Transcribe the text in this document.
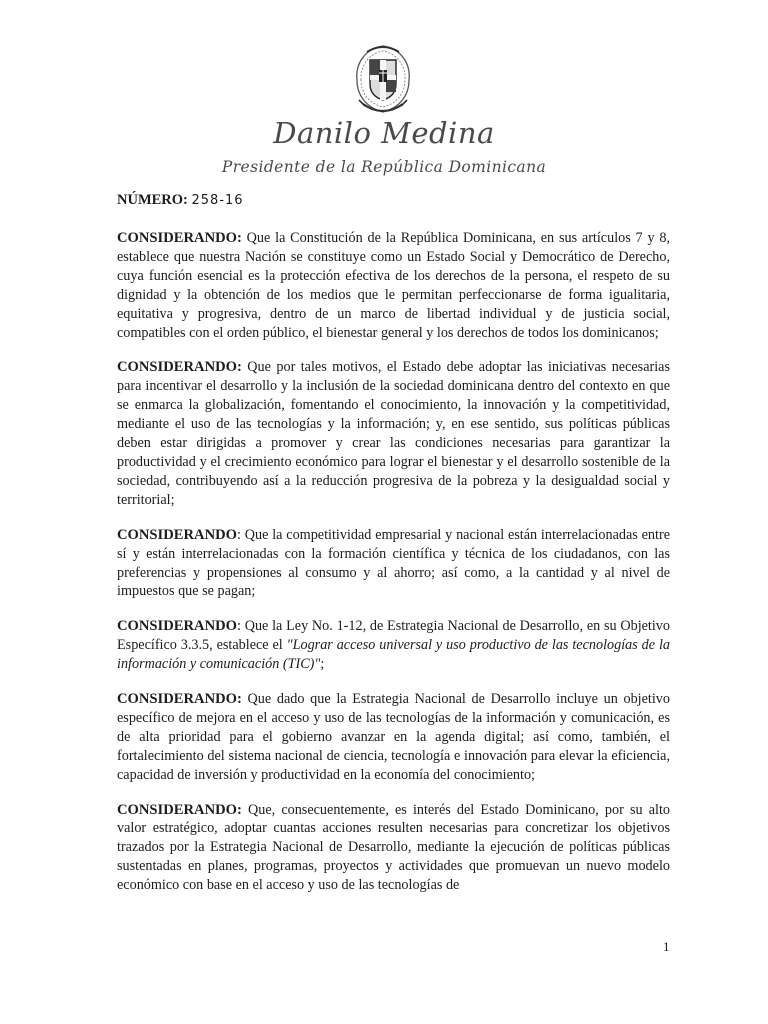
Danilo Medina
Presidente de la República Dominicana
NÚMERO: 258-16

CONSIDERANDO: Que la Constitución de la República Dominicana, en sus artículos 7 y 8, establece que nuestra Nación se constituye como un Estado Social y Democrático de Derecho, cuya función esencial es la protección efectiva de los derechos de la persona, el respeto de su dignidad y la obtención de los medios que le permitan perfeccionarse de forma igualitaria, equitativa y progresiva, dentro de un marco de libertad individual y de justicia social, compatibles con el orden público, el bienestar general y los derechos de todos los dominicanos;

CONSIDERANDO: Que por tales motivos, el Estado debe adoptar las iniciativas necesarias para incentivar el desarrollo y la inclusión de la sociedad dominicana dentro del contexto en que se enmarca la globalización, fomentando el conocimiento, la innovación y la competitividad, mediante el uso de las tecnologías y la información; y, en ese sentido, sus políticas públicas deben estar dirigidas a promover y crear las condiciones necesarias para garantizar la productividad y el crecimiento económico para lograr el bienestar y el desarrollo sostenible de la sociedad, contribuyendo así a la reducción progresiva de la pobreza y la desigualdad social y territorial;

CONSIDERANDO: Que la competitividad empresarial y nacional están interrelacionadas entre sí y están interrelacionadas con la formación científica y técnica de los ciudadanos, con las preferencias y propensiones al consumo y al ahorro; así como, a la cantidad y al nivel de impuestos que se pagan;

CONSIDERANDO: Que la Ley No. 1-12, de Estrategia Nacional de Desarrollo, en su Objetivo Específico 3.3.5, establece el "Lograr acceso universal y uso productivo de las tecnologías de la información y comunicación (TIC)";

CONSIDERANDO: Que dado que la Estrategia Nacional de Desarrollo incluye un objetivo específico de mejora en el acceso y uso de las tecnologías de la información y comunicación, es de alta prioridad para el gobierno avanzar en la agenda digital; así como, también, el fortalecimiento del sistema nacional de ciencia, tecnología e innovación para elevar la eficiencia, capacidad de inversión y productividad en la economía del conocimiento;

CONSIDERANDO: Que, consecuentemente, es interés del Estado Dominicano, por su alto valor estratégico, adoptar cuantas acciones resulten necesarias para concretizar los objetivos trazados por la Estrategia Nacional de Desarrollo, mediante la ejecución de políticas públicas sustentadas en planes, programas, proyectos y actividades que promuevan un nuevo modelo económico con base en el acceso y uso de las tecnologías de

1
